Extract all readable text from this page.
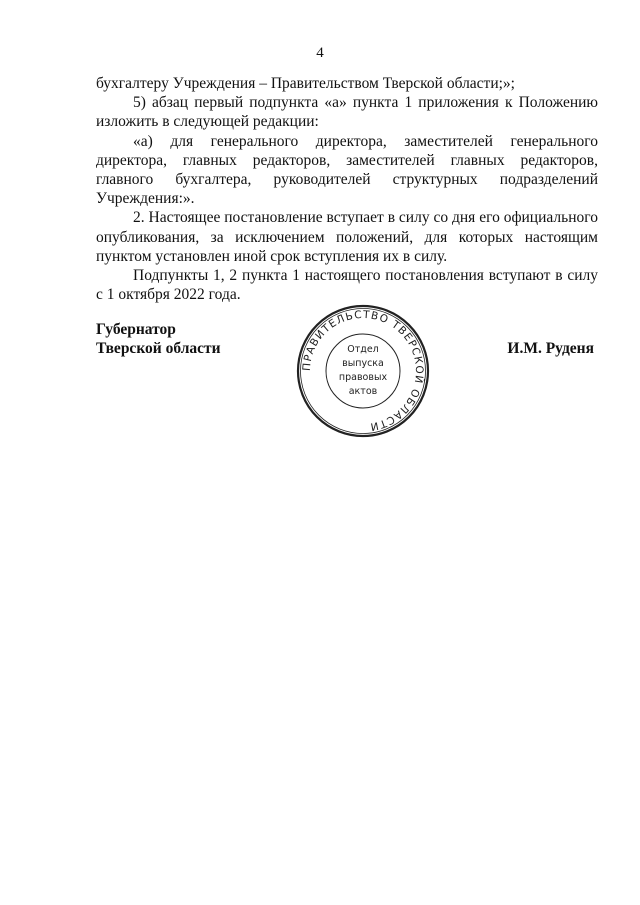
4

бухгалтеру Учреждения – Правительством Тверской области;»;

5) абзац первый подпункта «а» пункта 1 приложения к Положению изложить в следующей редакции:

«а) для генерального директора, заместителей генерального директора, главных редакторов, заместителей главных редакторов, главного бухгалтера, руководителей структурных подразделений Учреждения:».

2. Настоящее постановление вступает в силу со дня его официального опубликования, за исключением положений, для которых настоящим пунктом установлен иной срок вступления их в силу.

Подпункты 1, 2 пункта 1 настоящего постановления вступают в силу с 1 октября 2022 года.

Губернатор
Тверской области	И.М. Руденя
ПРАВИТЕЛЬСТВО ТВЕРСКОЙ ОБЛАСТИ
Отдел
выпуска
правовых
актов
